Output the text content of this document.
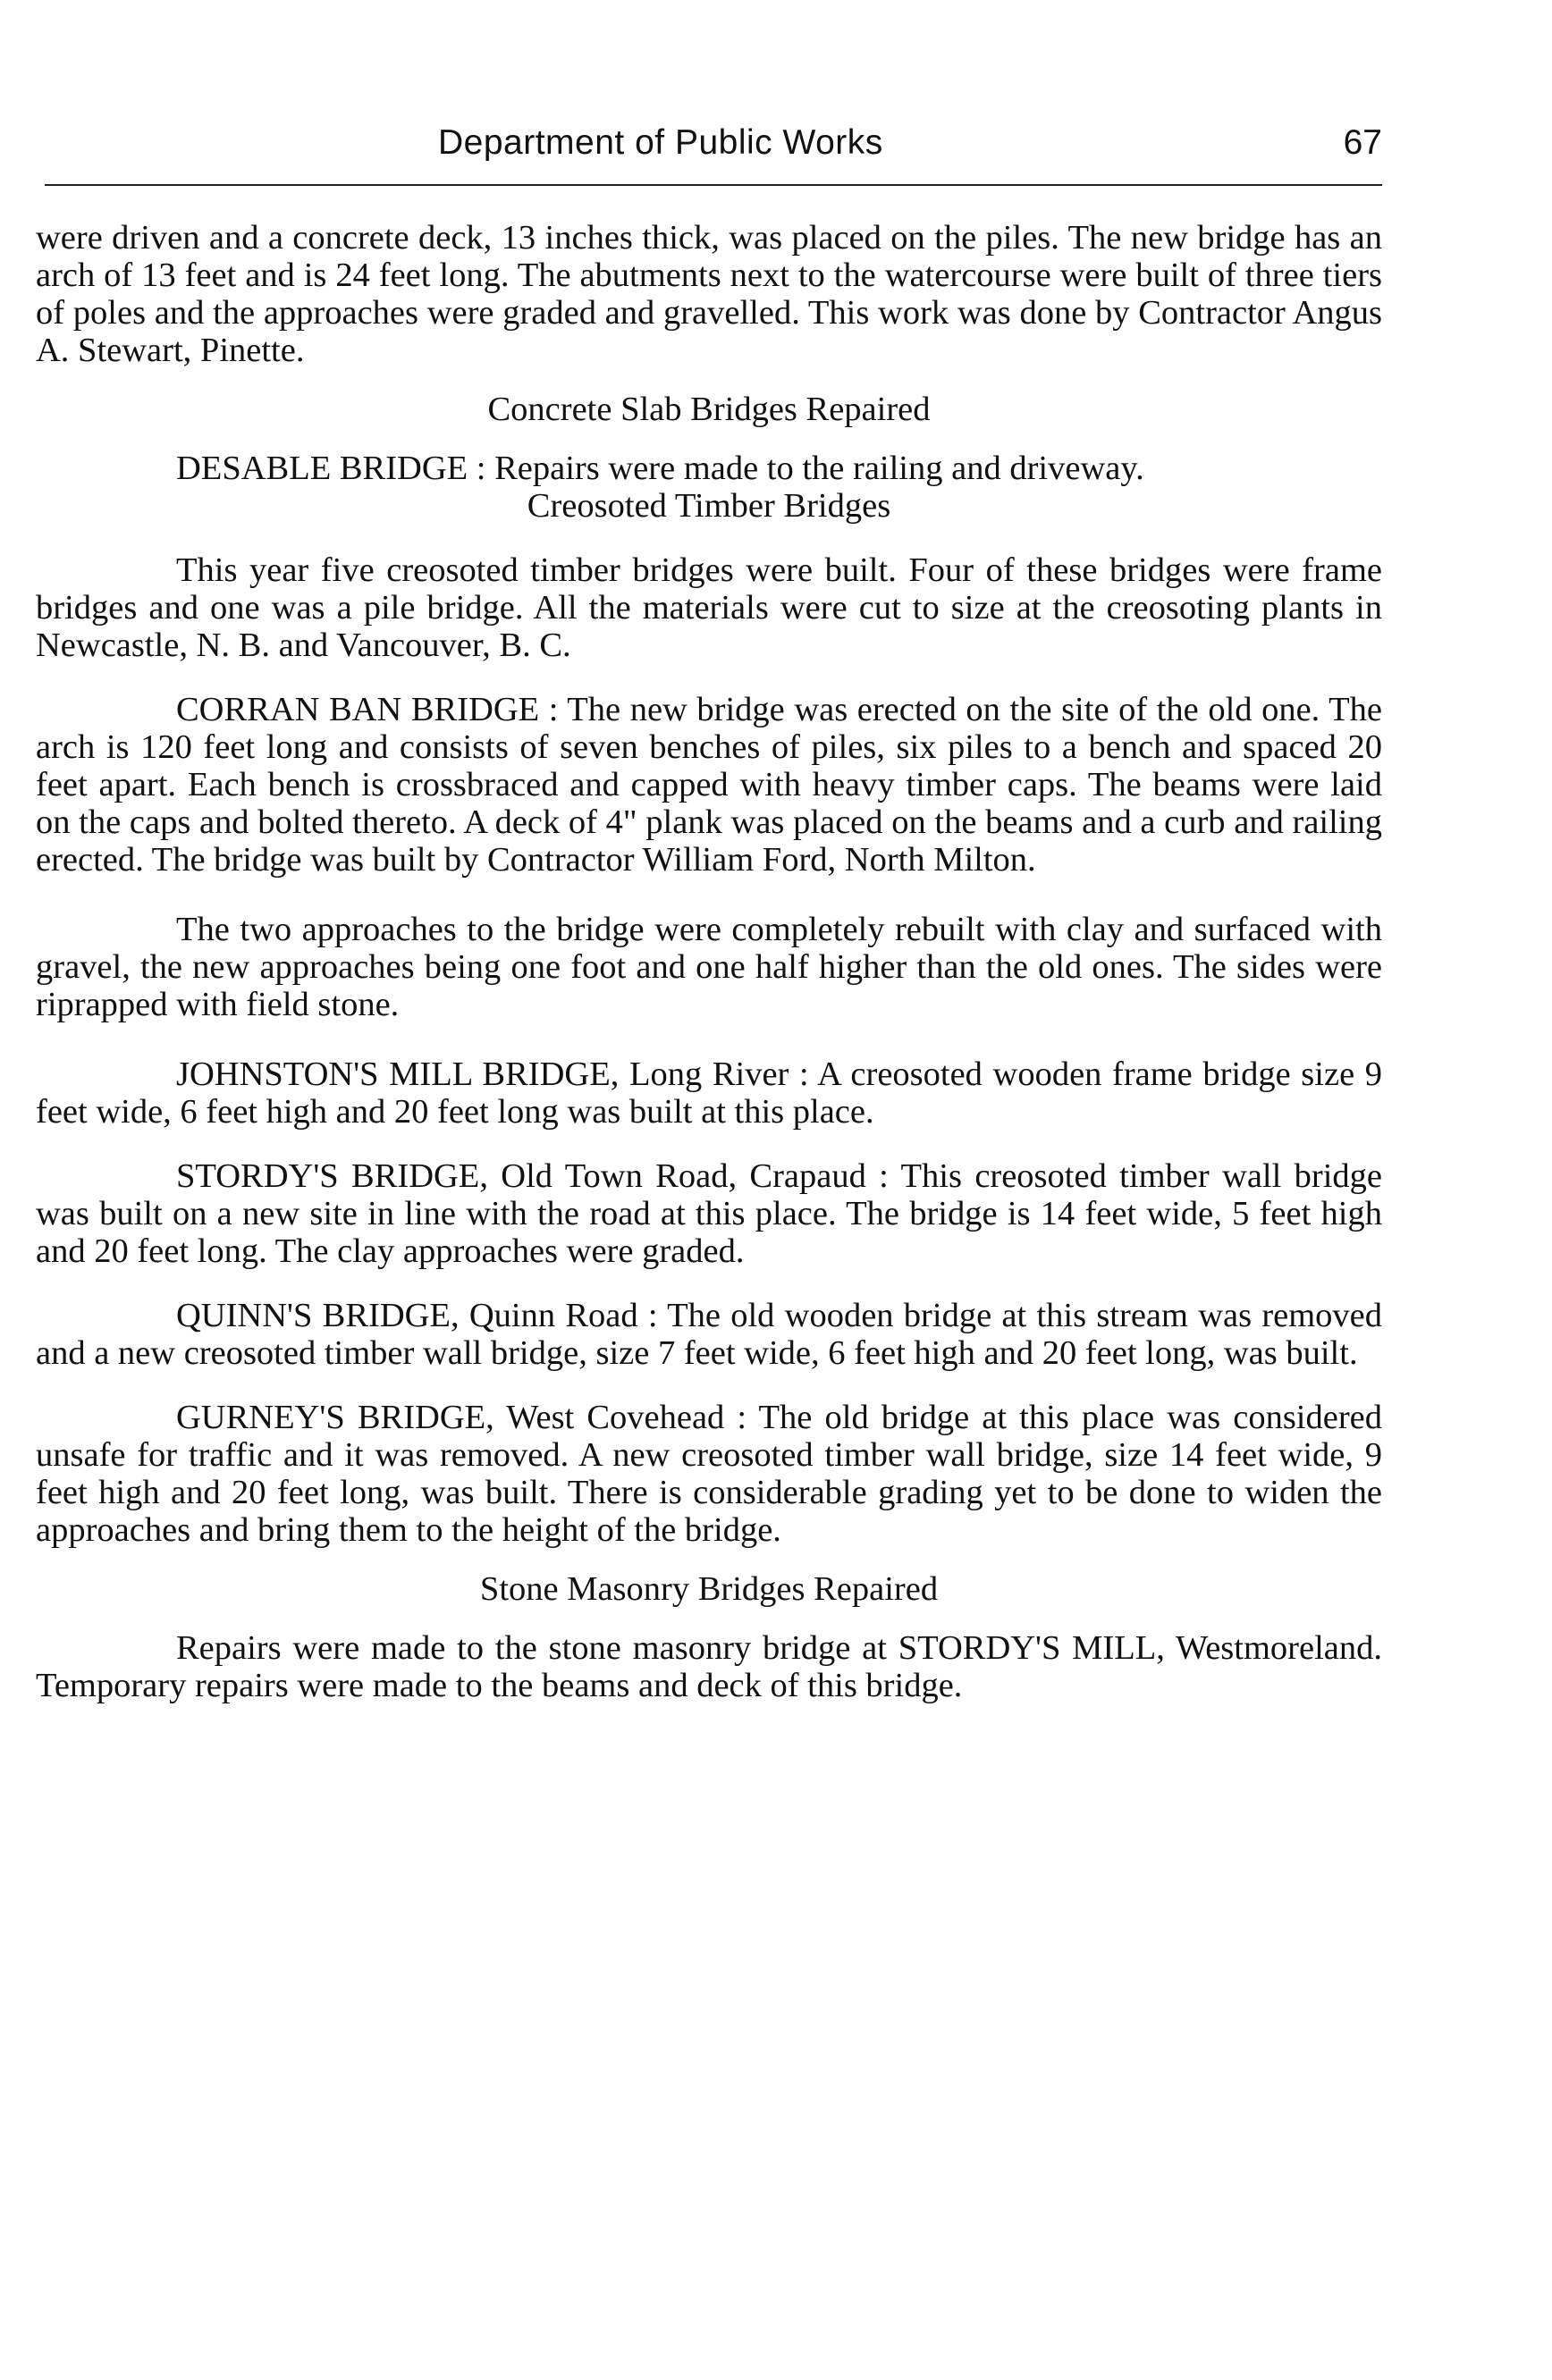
Department of Public Works	67

were driven and a concrete deck, 13 inches thick, was placed on the piles. The new bridge has an arch of 13 feet and is 24 feet long. The abutments next to the watercourse were built of three tiers of poles and the approaches were graded and gravelled. This work was done by Contractor Angus A. Stewart, Pinette.

Concrete Slab Bridges Repaired

DESABLE BRIDGE : Repairs were made to the railing and driveway.

Creosoted Timber Bridges

This year five creosoted timber bridges were built. Four of these bridges were frame bridges and one was a pile bridge. All the materials were cut to size at the creosoting plants in Newcastle, N. B. and Vancouver, B. C.

CORRAN BAN BRIDGE : The new bridge was erected on the site of the old one. The arch is 120 feet long and consists of seven benches of piles, six piles to a bench and spaced 20 feet apart. Each bench is crossbraced and capped with heavy timber caps. The beams were laid on the caps and bolted thereto. A deck of 4" plank was placed on the beams and a curb and railing erected. The bridge was built by Contractor William Ford, North Milton.

The two approaches to the bridge were completely rebuilt with clay and surfaced with gravel, the new approaches being one foot and one half higher than the old ones. The sides were riprapped with field stone.

JOHNSTON'S MILL BRIDGE, Long River : A creosoted wooden frame bridge size 9 feet wide, 6 feet high and 20 feet long was built at this place.

STORDY'S BRIDGE, Old Town Road, Crapaud : This creosoted timber wall bridge was built on a new site in line with the road at this place. The bridge is 14 feet wide, 5 feet high and 20 feet long. The clay approaches were graded.

QUINN'S BRIDGE, Quinn Road : The old wooden bridge at this stream was removed and a new creosoted timber wall bridge, size 7 feet wide, 6 feet high and 20 feet long, was built.

GURNEY'S BRIDGE, West Covehead : The old bridge at this place was considered unsafe for traffic and it was removed. A new creosoted timber wall bridge, size 14 feet wide, 9 feet high and 20 feet long, was built. There is considerable grading yet to be done to widen the approaches and bring them to the height of the bridge.

Stone Masonry Bridges Repaired

Repairs were made to the stone masonry bridge at STORDY'S MILL, Westmoreland. Temporary repairs were made to the beams and deck of this bridge.
